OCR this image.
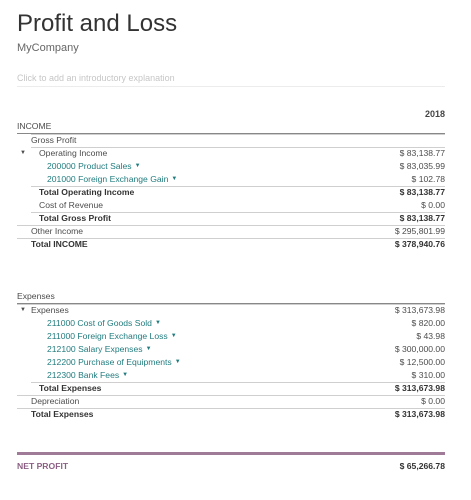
Profit and Loss
MyCompany
Click to add an introductory explanation
2018
INCOME
Gross Profit
▼ Operating Income	$ 83,138.77
200000 Product Sales ▼	$ 83,035.99
201000 Foreign Exchange Gain ▼	$ 102.78
Total Operating Income	$ 83,138.77
Cost of Revenue	$ 0.00
Total Gross Profit	$ 83,138.77
Other Income	$ 295,801.99
Total INCOME	$ 378,940.76
Expenses
▼ Expenses	$ 313,673.98
211000 Cost of Goods Sold ▼	$ 820.00
211000 Foreign Exchange Loss ▼	$ 43.98
212100 Salary Expenses ▼	$ 300,000.00
212200 Purchase of Equipments ▼	$ 12,500.00
212300 Bank Fees ▼	$ 310.00
Total Expenses	$ 313,673.98
Depreciation	$ 0.00
Total Expenses	$ 313,673.98
NET PROFIT	$ 65,266.78
